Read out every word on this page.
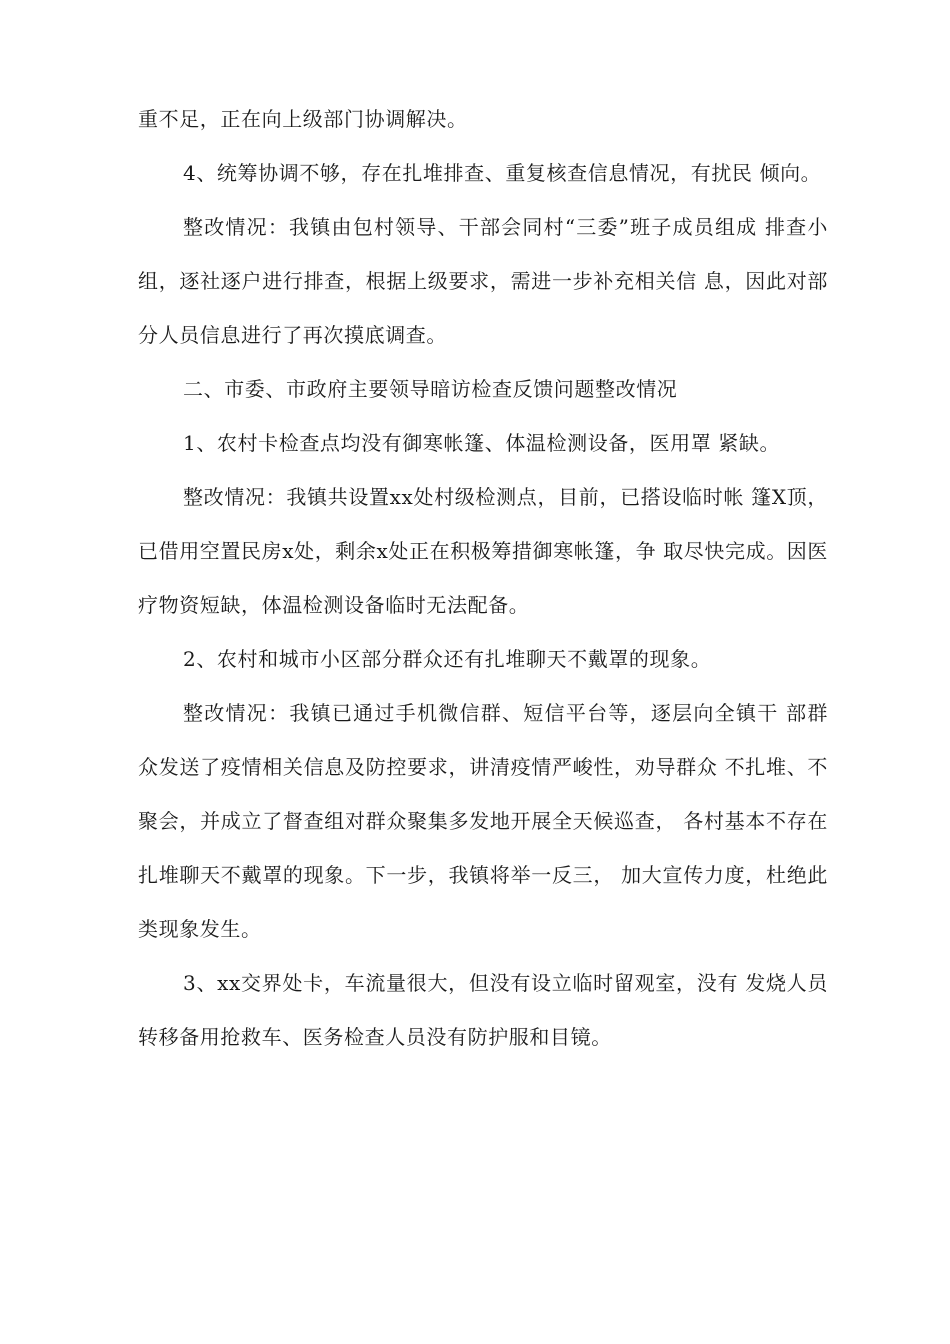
重不足，正在向上级部门协调解决。

4、统筹协调不够，存在扎堆排查、重复核查信息情况，有扰民 倾向。

整改情况：我镇由包村领导、干部会同村“三委”班子成员组成 排查小组，逐社逐户进行排查，根据上级要求，需进一步补充相关信 息，因此对部分人员信息进行了再次摸底调查。

二、市委、市政府主要领导暗访检查反馈问题整改情况

1、农村卡检查点均没有御寒帐篷、体温检测设备，医用罩 紧缺。

整改情况：我镇共设置xx处村级检测点，目前，已搭设临时帐 篷X顶，已借用空置民房x处，剩余x处正在积极筹措御寒帐篷，争 取尽快完成。因医疗物资短缺，体温检测设备临时无法配备。

2、农村和城市小区部分群众还有扎堆聊天不戴罩的现象。

整改情况：我镇已通过手机微信群、短信平台等，逐层向全镇干 部群众发送了疫情相关信息及防控要求，讲清疫情严峻性，劝导群众 不扎堆、不聚会，并成立了督查组对群众聚集多发地开展全天候巡查， 各村基本不存在扎堆聊天不戴罩的现象。下一步，我镇将举一反三， 加大宣传力度，杜绝此类现象发生。

3、xx交界处卡，车流量很大，但没有设立临时留观室，没有 发烧人员转移备用抢救车、医务检查人员没有防护服和目镜。
